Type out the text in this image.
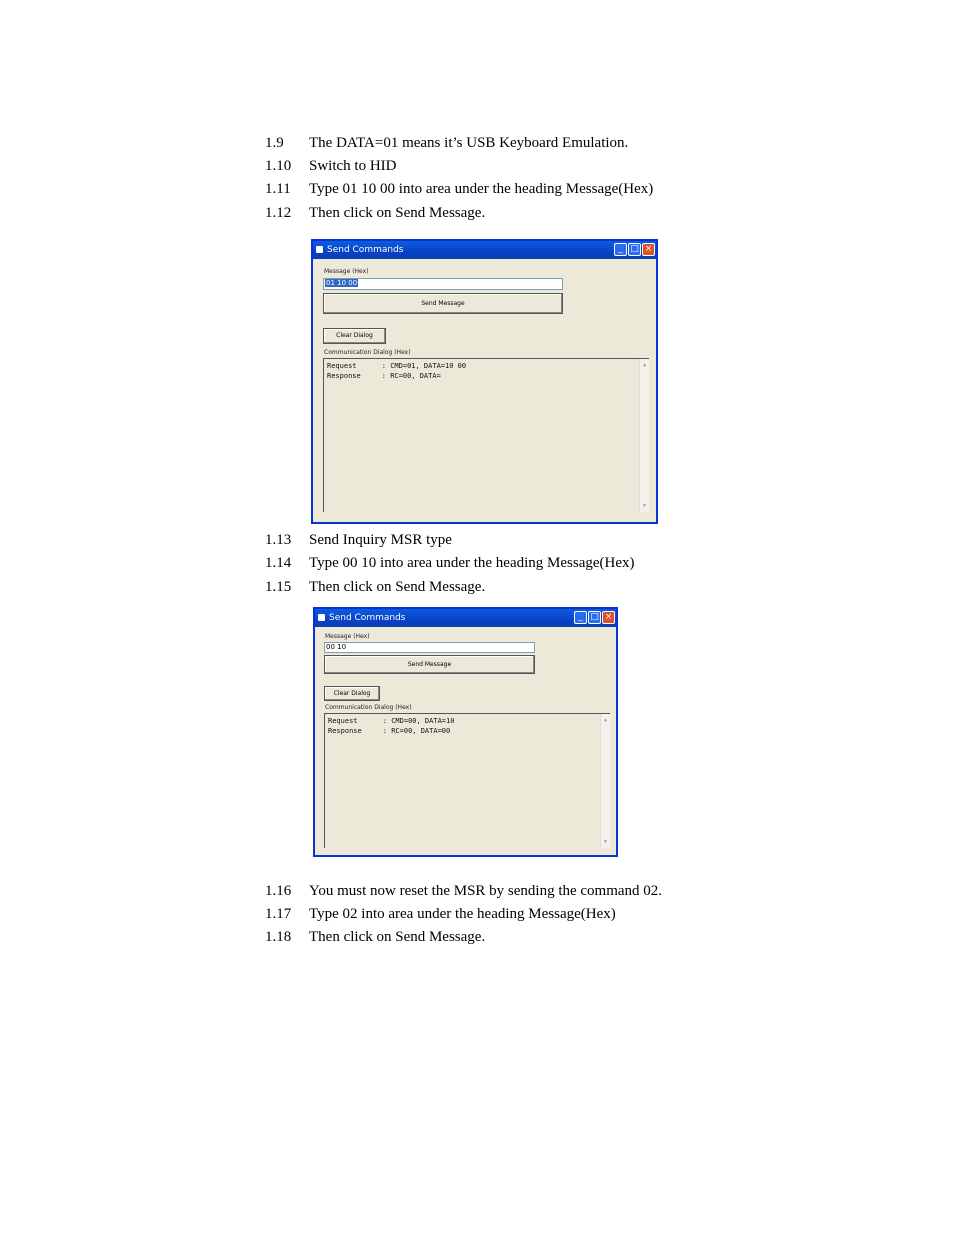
1.9 The DATA=01 means it’s USB Keyboard Emulation.
1.10 Switch to HID
1.11 Type 01 10 00 into area under the heading Message(Hex)
1.12 Then click on Send Message.
Send Commands	_ □ ×
Message (Hex)
01 10 00
Send Message
Clear Dialog
Communication Dialog (Hex)
Request      : CMD=01, DATA=10 00
Response     : RC=00, DATA=
▲
▼
1.13 Send Inquiry MSR type
1.14 Type 00 10 into area under the heading Message(Hex)
1.15 Then click on Send Message.
Send Commands	_ □ ×
Message (Hex)
00 10
Send Message
Clear Dialog
Communication Dialog (Hex)
Request      : CMD=00, DATA=10
Response     : RC=00, DATA=00
▲
▼
1.16 You must now reset the MSR by sending the command 02.
1.17 Type 02 into area under the heading Message(Hex)
1.18 Then click on Send Message.
